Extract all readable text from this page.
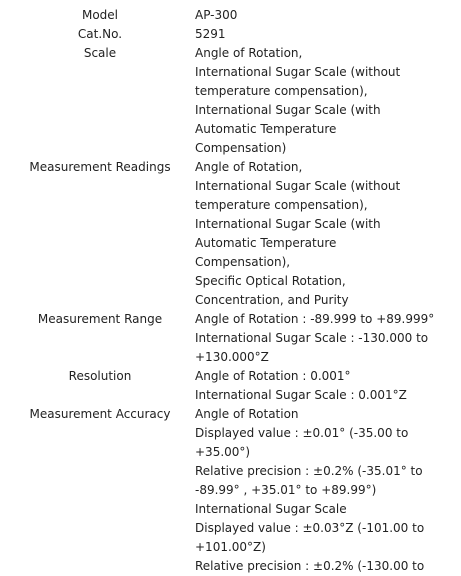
Model	AP-300
Cat.No.	5291
Scale	Angle of Rotation,
International Sugar Scale (without
temperature compensation),
International Sugar Scale (with
Automatic Temperature
Compensation)
Measurement Readings	Angle of Rotation,
International Sugar Scale (without
temperature compensation),
International Sugar Scale (with
Automatic Temperature
Compensation),
Specific Optical Rotation,
Concentration, and Purity
Measurement Range	Angle of Rotation : -89.999 to +89.999°
International Sugar Scale : -130.000 to
+130.000°Z
Resolution	Angle of Rotation : 0.001°
International Sugar Scale : 0.001°Z
Measurement Accuracy	Angle of Rotation
Displayed value : ±0.01° (-35.00 to
+35.00°)
Relative precision : ±0.2% (-35.01° to
-89.99° , +35.01° to +89.99°)
International Sugar Scale
Displayed value : ±0.03°Z (-101.00 to
+101.00°Z)
Relative precision : ±0.2% (-130.00 to
